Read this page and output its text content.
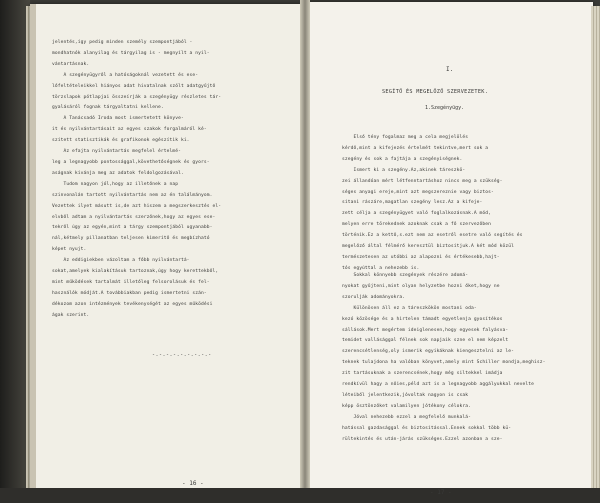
jelentés,így pedig minden személy szempontjából -
mondhatnók alanyilag és tárgyilag is - megnyílt a nyil-
vántartásnak.
A szegényügyről a hatóságoknál vezetett és ese-
lőfeltételeikkel hiányos adat hivatalnak szólt adatgyűjtő
törzslapok pótlapjai összeírják a szegényügy részletes tár-
gyalásáról fognak tárgyaltatni kellene.
A Tanácsadó Iroda most ismertetett könyve-
it és nyilvántartásait az egyes szakok forgalmáról ké-
szített statisztikák és grafikonok egészítik ki.
Az efajta nyilvántartás megfelel értelmé-
leg a legnagyobb pontossággal,követhetőségnek és gyors-
aságnak kívánja meg az adatok feldolgozásával.
Tudom nagyon jól,hogy az illetőnek a nap
szinvonalán tartott nyilvántartás nem az én találmányom.
Vezettek ilyet másutt is,de azt hiszem a megszerkesztés el-
elvből adtam a nyilvántartás szerzőnek,hogy az egyes ese-
tekről úgy az egyén,mint a tárgy szempontjából ugyanabb-
nál,kétmely pillanatban teljesen kimerítő és megbízható
képet nyujt.
Az eddigiekben vázoltam a főbb nyilvántartá-
sokat,amelyek kialakításuk tartoznak,úgy hogy kerettekből,
mint működések tartalmát illetőleg felsorolásuk és fel-
használók módját.A továbbiakban pedig ismertetni szán-
dékozom azon intézmények tevékenységét az egyes működési
ágak szerint.
-.-.-.-.-.-.-.-.-
- 16 -
I.
SEGÍTŐ ÉS MEGELŐZŐ SZERVEZETEK.
1.Szegényügy.
Első tény fogalmaz meg a cela megjelölés
kérdő,mint a kifejezés értelmét tekintve,mert sok a
szegény és sok a fajtája a szegényiségnek.
Ismert ki a szegény.Az,akinek táreszkö-
zei állandóan mért létfenntartáshoz nincs meg a szükség-
séges anyagi ereje,mint azt megszereznie vagy biztos-
sítani rászáre,magatlan szegény lesz.Az a kifeje-
zett célja a szegényügyet való foglalkozásnak.A mód,
melyen erre törekednek azoknak csak a fő szervezőben
történik.Ez a kettő,s.ezt nem az esetről esetre való segítés és
megelőző által félmérő keresztül biztosítjuk.A két mód közül
természetesen az utóbbi az alapozni és értékesebb,hajt-
tós egyúttal a nehezebb is.
Sokkal könnyebb szegények részére adomá-
nyokat gyűjteni,mint olyan helyzetbe hozni őket,hogy ne
szorulják adományokra.
Különösen áll ez a táreszkökön mostani oda-
kezó közösége és a hirtelen támadt egyetlenja gyosítékos
sállások.Mert megértem ideiglenesen,hogy egyesek falyásva-
temidet vallásággal félnek sok napjaik szne el nem képzelt
szerencsétlenség,oly ismerik egyikáknak kiengesztelni az le-
teknek tulajdona ha valóban könyvet,amely mint Schiller mondja,meghisz-
zít tartásuknak a szerencsének,hogy még siltekkel imádja
rendkívül hagy a nőies,péld azt is a legnagyobb aggályukkal nevelte
léteiből jelentkezik,jóvoltak nagyon is csak
képp ösztönzőket valamilyen jótékony célokra.
Jóval nehezebb ezzel a megfelelő munkalá-
hatással gazdasággal és biztosítással.Ennek sokkal több kü-
rültekintés és után-járás szükséges.Ezzel azonban a sze-
- 17 -
